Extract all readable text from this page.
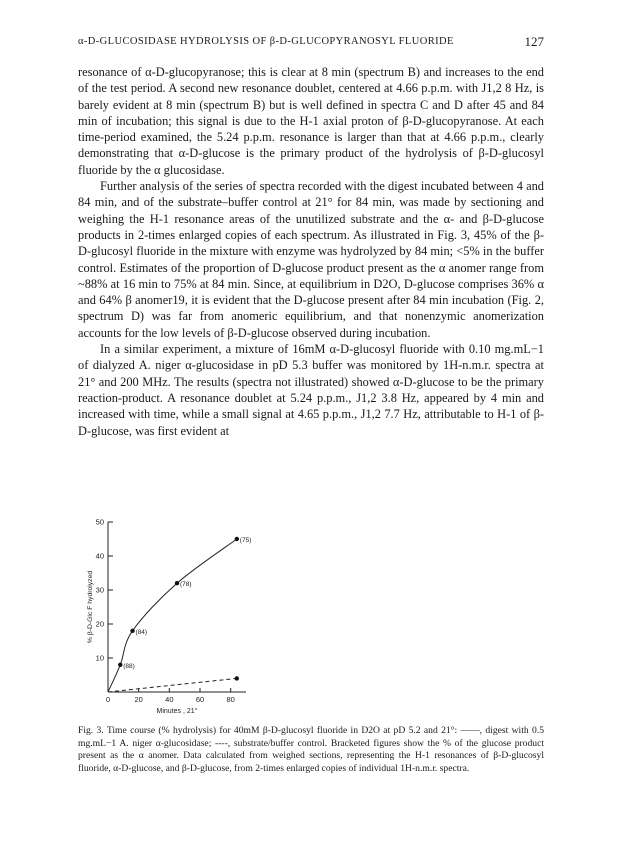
α-D-GLUCOSIDASE HYDROLYSIS OF β-D-GLUCOPYRANOSYL FLUORIDE	127

resonance of α-D-glucopyranose; this is clear at 8 min (spectrum B) and increases to the end of the test period. A second new resonance doublet, centered at 4.66 p.p.m. with J1,2 8 Hz, is barely evident at 8 min (spectrum B) but is well defined in spectra C and D after 45 and 84 min of incubation; this signal is due to the H-1 axial proton of β-D-glucopyranose. At each time-period examined, the 5.24 p.p.m. resonance is larger than that at 4.66 p.p.m., clearly demonstrating that α-D-glucose is the primary product of the hydrolysis of β-D-glucosyl fluoride by the α glucosidase.

Further analysis of the series of spectra recorded with the digest incubated between 4 and 84 min, and of the substrate–buffer control at 21° for 84 min, was made by sectioning and weighing the H-1 resonance areas of the unutilized substrate and the α- and β-D-glucose products in 2-times enlarged copies of each spectrum. As illustrated in Fig. 3, 45% of the β-D-glucosyl fluoride in the mixture with enzyme was hydrolyzed by 84 min; <5% in the buffer control. Estimates of the proportion of D-glucose product present as the α anomer range from ~88% at 16 min to 75% at 84 min. Since, at equilibrium in D2O, D-glucose comprises 36% α and 64% β anomer19, it is evident that the D-glucose present after 84 min incubation (Fig. 2, spectrum D) was far from anomeric equilibrium, and that nonenzymic anomerization accounts for the low levels of β-D-glucose observed during incubation.

In a similar experiment, a mixture of 16mM α-D-glucosyl fluoride with 0.10 mg.mL−1 of dialyzed A. niger α-glucosidase in pD 5.3 buffer was monitored by 1H-n.m.r. spectra at 21° and 200 MHz. The results (spectra not illustrated) showed α-D-glucose to be the primary reaction-product. A resonance doublet at 5.24 p.p.m., J1,2 3.8 Hz, appeared by 4 min and increased with time, while a small signal at 4.65 p.p.m., J1,2 7.7 Hz, attributable to H-1 of β-D-glucose, was first evident at

10
20
30
40
50
0	20	40	60	80
Minutes , 21°
% β-D-Glc F hydrolyzed
(88)
(84)
(78)
(75)
Fig. 3. Time course (% hydrolysis) for 40mM β-D-glucosyl fluoride in D2O at pD 5.2 and 21°: ——, digest with 0.5 mg.mL−1 A. niger α-glucosidase; ----, substrate/buffer control. Bracketed figures show the % of the glucose product present as the α anomer. Data calculated from weighed sections, representing the H-1 resonances of β-D-glucosyl fluoride, α-D-glucose, and β-D-glucose, from 2-times enlarged copies of individual 1H-n.m.r. spectra.
